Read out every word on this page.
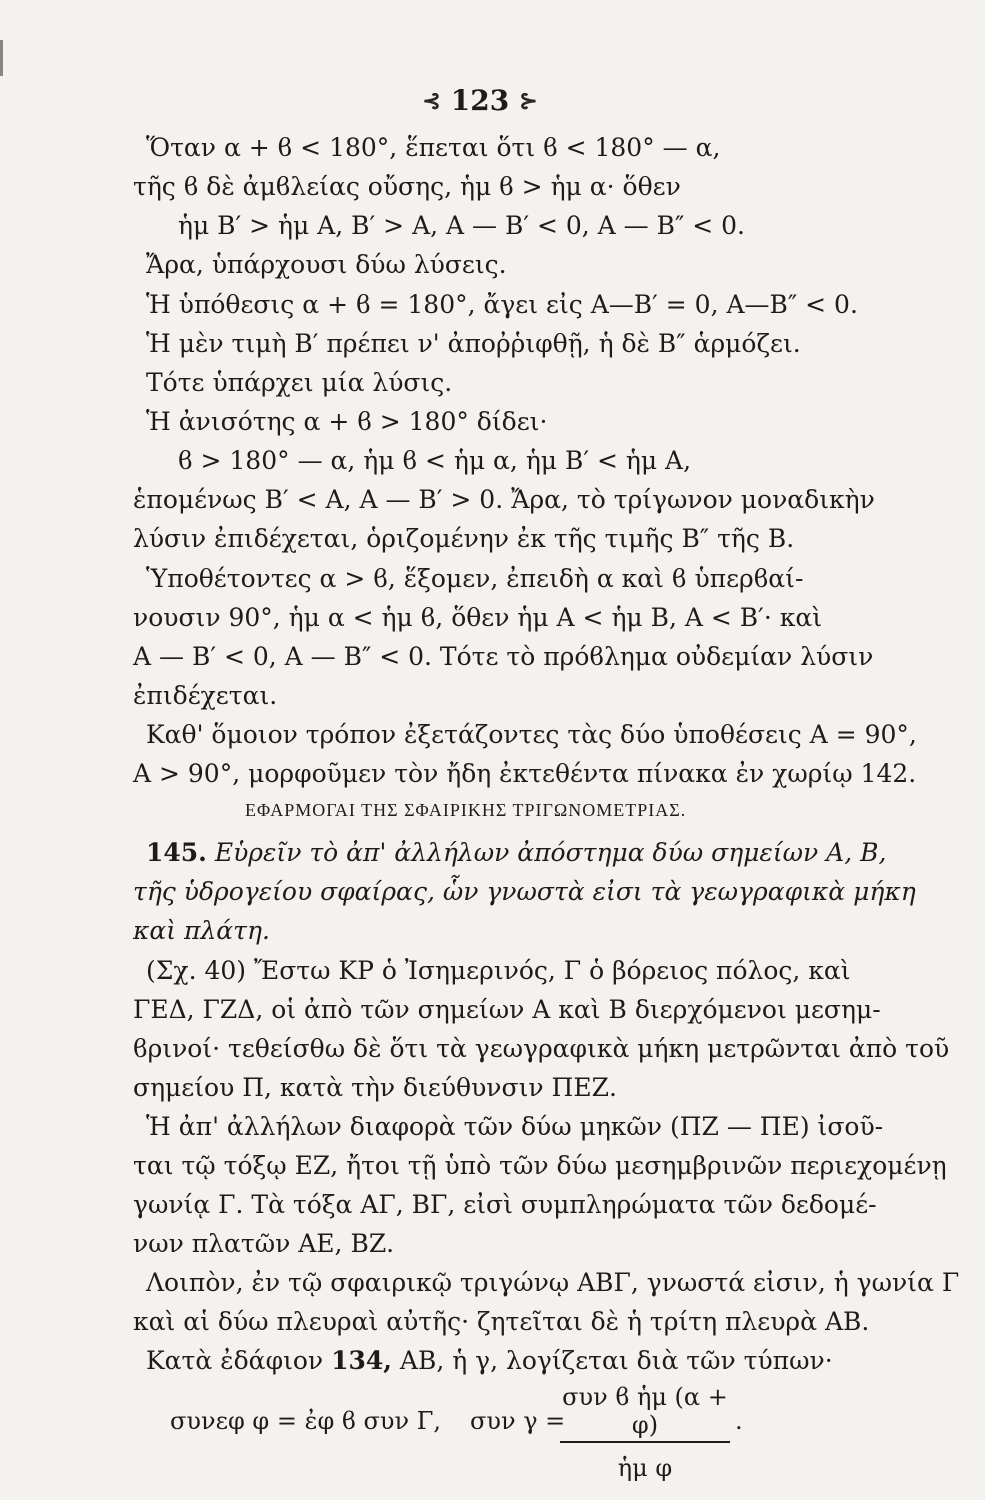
⊰ 123 ⊱
Ὅταν α + ϐ < 180°, ἕπεται ὅτι ϐ < 180° — α,
τῆς ϐ δὲ ἀμϐλείας οὔσης, ἡμ ϐ > ἡμ α· ὅθεν
ἡμ Β′ > ἡμ Α, Β′ > Α, Α — Β′ < 0, Α — Β″ < 0.
Ἄρα, ὑπάρχουσι δύω λύσεις.
Ἡ ὑπόθεσις α + ϐ = 180°, ἄγει εἰς Α—Β′ = 0, Α—Β″ < 0.
Ἡ μὲν τιμὴ Β′ πρέπει ν' ἀποῤῥιφθῇ, ἡ δὲ Β″ ἁρμόζει.
Τότε ὑπάρχει μία λύσις.
Ἡ ἀνισότης α + ϐ > 180° δίδει·
ϐ > 180° — α, ἡμ ϐ < ἡμ α, ἡμ Β′ < ἡμ Α,
ἑπομένως Β′ < Α, Α — Β′ > 0. Ἄρα, τὸ τρίγωνον μοναδικὴν
λύσιν ἐπιδέχεται, ὁριζομένην ἐκ τῆς τιμῆς Β″ τῆς Β.
Ὑποθέτοντες α > ϐ, ἕξομεν, ἐπειδὴ α καὶ ϐ ὑπερϐαί-
νουσιν 90°, ἡμ α < ἡμ ϐ, ὅθεν ἡμ Α < ἡμ Β, Α < Β′· καὶ
Α — Β′ < 0, Α — Β″ < 0. Τότε τὸ πρόϐλημα οὐδεμίαν λύσιν
ἐπιδέχεται.
Καθ' ὅμοιον τρόπον ἐξετάζοντες τὰς δύο ὑποθέσεις Α = 90°,
Α > 90°, μορφοῦμεν τὸν ἤδη ἐκτεθέντα πίνακα ἐν χωρίῳ 142.
ΕΦΑΡΜΟΓΑΙ ΤΗΣ ΣΦΑΙΡΙΚΗΣ ΤΡΙΓΩΝΟΜΕΤΡΙΑΣ.
145. Εὑρεῖν τὸ ἀπ' ἀλλήλων ἀπόστημα δύω σημείων Α, Β,
τῆς ὑδρογείου σφαίρας, ὧν γνωστὰ εἰσι τὰ γεωγραφικὰ μήκη
καὶ πλάτη.
(Σχ. 40) Ἔστω ΚΡ ὁ Ἰσημερινός, Γ ὁ βόρειος πόλος, καὶ
ΓΕΔ, ΓΖΔ, οἱ ἀπὸ τῶν σημείων Α καὶ Β διερχόμενοι μεσημ-
ϐρινοί· τεθείσθω δὲ ὅτι τὰ γεωγραφικὰ μήκη μετρῶνται ἀπὸ τοῦ
σημείου Π, κατὰ τὴν διεύθυνσιν ΠΕΖ.
Ἡ ἀπ' ἀλλήλων διαφορὰ τῶν δύω μηκῶν (ΠΖ — ΠΕ) ἰσοῦ-
ται τῷ τόξῳ ΕΖ, ἤτοι τῇ ὑπὸ τῶν δύω μεσημβρινῶν περιεχομένῃ
γωνίᾳ Γ. Τὰ τόξα ΑΓ, ΒΓ, εἰσὶ συμπληρώματα τῶν δεδομέ-
νων πλατῶν ΑΕ, ΒΖ.
Λοιπὸν, ἐν τῷ σφαιρικῷ τριγώνῳ ΑΒΓ, γνωστά εἰσιν, ἡ γωνία Γ
καὶ αἱ δύω πλευραὶ αὐτῆς· ζητεῖται δὲ ἡ τρίτη πλευρὰ ΑΒ.
Κατὰ ἐδάφιον 134, ΑΒ, ἡ γ, λογίζεται διὰ τῶν τύπων·
συνεφ φ = ἐφ ϐ συν Γ, συν γ =
συν ϐ ἡμ (α + φ)
ἡμ φ
.
